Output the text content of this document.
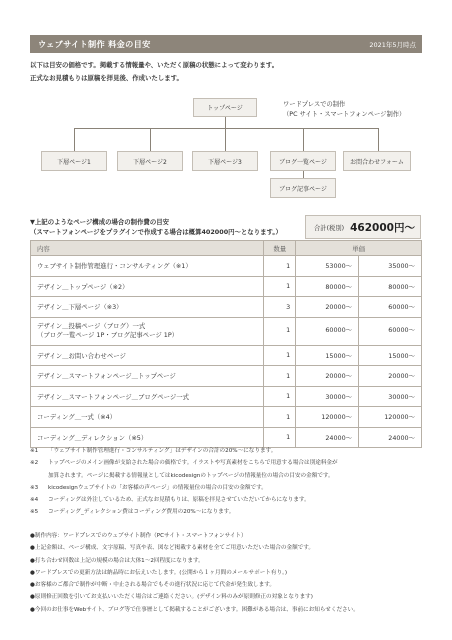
ウェブサイト制作 料金の目安	2021年5月時点
以下は目安の価格です。掲載する情報量や、いただく原稿の状態によって変わります。
正式なお見積もりは原稿を拝見後、作成いたします。
トップページ
下層ページ1	下層ページ2	下層ページ3	ブログ一覧ページ	お問合わせフォーム
ブログ記事ページ
ワードプレスでの制作
（PC サイト・スマートフォンページ制作）
▼上記のようなページ構成の場合の制作費の目安
（スマートフォンページをプラグインで作成する場合は概算402000円〜となります。）	合計(税別) 462000円〜
内容	数量	単価	
ウェブサイト制作管理進行・コンサルティング（※1）	1	53000〜	35000〜
デザイン＿トップページ（※2）	1	80000〜	80000〜
デザイン＿下層ページ（※3）	3	20000〜	60000〜

デザイン＿投稿ページ（ブログ）一式
（ブログ一覧ページ 1P・ブログ記事ページ 1P）	1	60000〜	60000〜
デザイン＿お問い合わせページ	1	15000〜	15000〜
デザイン＿スマートフォンページ＿トップページ	1	20000〜	20000〜
デザイン＿スマートフォンページ＿ブログページ一式	1	30000〜	30000〜
コーディング＿一式（※4）	1	120000〜	120000〜
コーディング＿ディレクション（※5）	1	24000〜	24000〜
※1	「ウェブサイト制作管理進行・コンサルティング」はデザインの合計の20%〜になります。
※2	トップページのメイン画像が支給された場合の価格です。イラストや写真素材をこちらで用意する場合は別途料金が
加算されます。ページに掲載する情報量としてはkicodesignのトップページの情報量位の場合の目安の金額です。
※3	kicodesignウェブサイトの「お客様の声ページ」の情報量位の場合の目安の金額です。
※4	コーディングは外注しているため、正式なお見積もりは、原稿を拝見させていただいてからになります。
※5	コーディング_ディレクション費はコーディング費用の20%〜になります。
●制作内容：ワードプレスでのウェブサイト制作（PCサイト・スマートフォンサイト）
●上記金額は、ページ構成、文字原稿、写真や表、図など掲載する素材を全てご用意いただいた場合の金額です。
●打ち合わせ回数は上記の規模の場合は大体1〜2回程度になります。
●ワードプレスでの更新方法は納品時にお伝えいたします。(公開から１ヶ月間のメールサポート有り。)
●お客様のご都合で制作が中断・中止される場合でもその進行状況に応じて代金が発生致します。
●原則修正回数を引いてお支払いいただく場合はご連絡ください。(デザイン料のみが原則修正の対象となります)
●今回のお仕事をWebサイト、ブログ等で仕事歴として掲載することがございます。困難がある場合は、事前にお知らせください。
